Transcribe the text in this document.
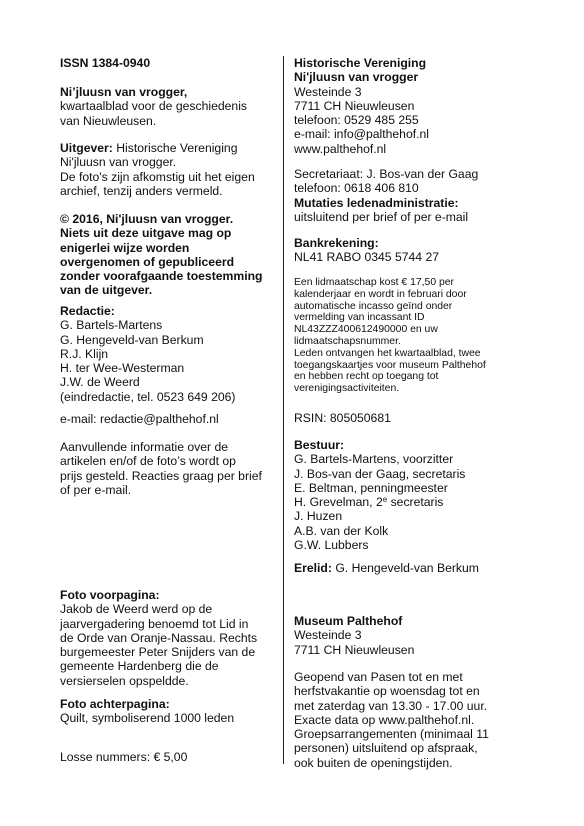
ISSN 1384-0940
Ni’jluusn van vrogger,
kwartaalblad voor de geschiedenis
van Nieuwleusen.
Uitgever: Historische Vereniging
Ni'jluusn van vrogger.
De foto's zijn afkomstig uit het eigen
archief, tenzij anders vermeld.
© 2016, Ni'jluusn van vrogger.
Niets uit deze uitgave mag op
enigerlei wijze worden
overgenomen of gepubliceerd
zonder voorafgaande toestemming
van de uitgever.
Redactie:
G. Bartels-Martens
G. Hengeveld-van Berkum
R.J. Klijn
H. ter Wee-Westerman
J.W. de Weerd
(eindredactie, tel. 0523 649 206)
e-mail: redactie@palthehof.nl
Aanvullende informatie over de
artikelen en/of de foto’s wordt op
prijs gesteld. Reacties graag per brief
of per e-mail.
Foto voorpagina:
Jakob de Weerd werd op de
jaarvergadering benoemd tot Lid in
de Orde van Oranje-Nassau. Rechts
burgemeester Peter Snijders van de
gemeente Hardenberg die de
versierselen opspeldde.
Foto achterpagina:
Quilt, symboliserend 1000 leden
Losse nummers: € 5,00
Historische Vereniging
Ni'jluusn van vrogger
Westeinde 3
7711 CH Nieuwleusen
telefoon: 0529 485 255
e-mail: info@palthehof.nl
www.palthehof.nl
Secretariaat: J. Bos-van der Gaag
telefoon: 0618 406 810
Mutaties ledenadministratie:
uitsluitend per brief of per e-mail
Bankrekening:
NL41 RABO 0345 5744 27
Een lidmaatschap kost € 17,50 per
kalenderjaar en wordt in februari door
automatische incasso geïnd onder
vermelding van incassant ID
NL43ZZZ400612490000 en uw
lidmaatschapsnummer.
Leden ontvangen het kwartaalblad, twee
toegangskaartjes voor museum Palthehof
en hebben recht op toegang tot
verenigingsactiviteiten.
RSIN: 805050681
Bestuur:
G. Bartels-Martens, voorzitter
J. Bos-van der Gaag, secretaris
E. Beltman, penningmeester
H. Grevelman, 2e secretaris
J. Huzen
A.B. van der Kolk
G.W. Lubbers
Erelid: G. Hengeveld-van Berkum
Museum Palthehof
Westeinde 3
7711 CH Nieuwleusen
Geopend van Pasen tot en met
herfstvakantie op woensdag tot en
met zaterdag van 13.30 - 17.00 uur.
Exacte data op www.palthehof.nl.
Groepsarrangementen (minimaal 11
personen) uitsluitend op afspraak,
ook buiten de openingstijden.
